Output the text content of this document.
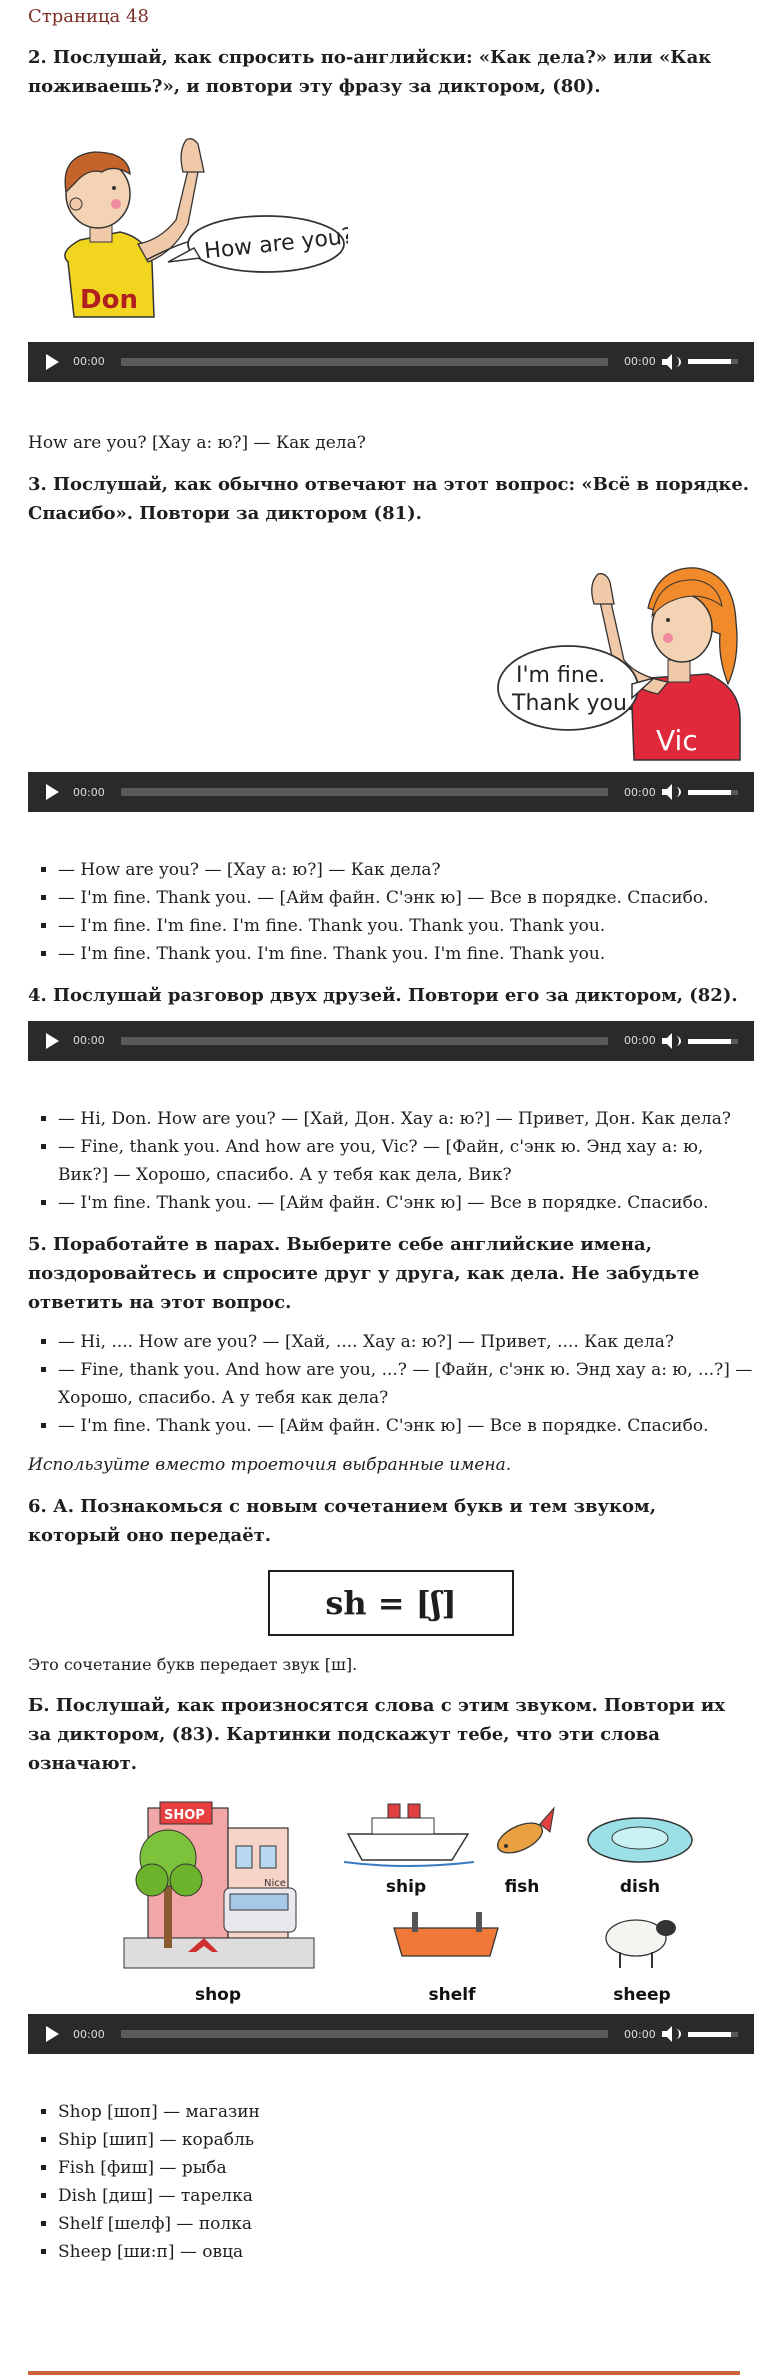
Страница 48
2. Послушай, как спросить по-английски: «Как дела?» или «Как поживаешь?», и повтори эту фразу за диктором, (80).
Don
How are you?
00:00	00:00

How are you? [Хау а: ю?] — Как дела?

3. Послушай, как обычно отвечают на этот вопрос: «Всё в порядке. Спасибо». Повтори за диктором (81).
Vic
I'm fine.
Thank you.
00:00	00:00
▪ — How are you? — [Хау а: ю?] — Как дела?
▪ — I'm fine. Thank you. — [Айм файн. С'энк ю] — Все в порядке. Спасибо.
▪ — I'm fine. I'm fine. I'm fine. Thank you. Thank you. Thank you.
▪ — I'm fine. Thank you. I'm fine. Thank you. I'm fine. Thank you.
4. Послушай разговор двух друзей. Повтори его за диктором, (82).
00:00	00:00
▪ — Hi, Don. How are you? — [Хай, Дон. Хау а: ю?] — Привет, Дон. Как дела?
▪ — Fine, thank you. And how are you, Vic? — [Файн, с'энк ю. Энд хау а: ю, Вик?] — Хорошо, спасибо. А у тебя как дела, Вик?
▪ — I'm fine. Thank you. — [Айм файн. С'энк ю] — Все в порядке. Спасибо.
5. Поработайте в парах. Выберите себе английские имена, поздоровайтесь и спросите друг у друга, как дела. Не забудьте ответить на этот вопрос.
▪ — Hi, .... How are you? — [Хай, .... Хау а: ю?] — Привет, .... Как дела?
▪ — Fine, thank you. And how are you, ...? — [Файн, с'энк ю. Энд хау а: ю, ...?] — Хорошо, спасибо. А у тебя как дела?
▪ — I'm fine. Thank you. — [Айм файн. С'энк ю] — Все в порядке. Спасибо.

Используйте вместо троеточия выбранные имена.

6. А. Познакомься с новым сочетанием букв и тем звуком, который оно передаёт.
sh = [ʃ]

Это сочетание букв передает звук [ш].

Б. Послушай, как произносятся слова с этим звуком. Повтори их за диктором, (83). Картинки подскажут тебе, что эти слова означают.
SHOP
Nice
shop
ship	fish	dish
shelf	sheep
00:00	00:00
▪ Shop [шоп] — магазин
▪ Ship [шип] — корабль
▪ Fish [фиш] — рыба
▪ Dish [диш] — тарелка
▪ Shelf [шелф] — полка
▪ Sheep [ши:п] — овца
